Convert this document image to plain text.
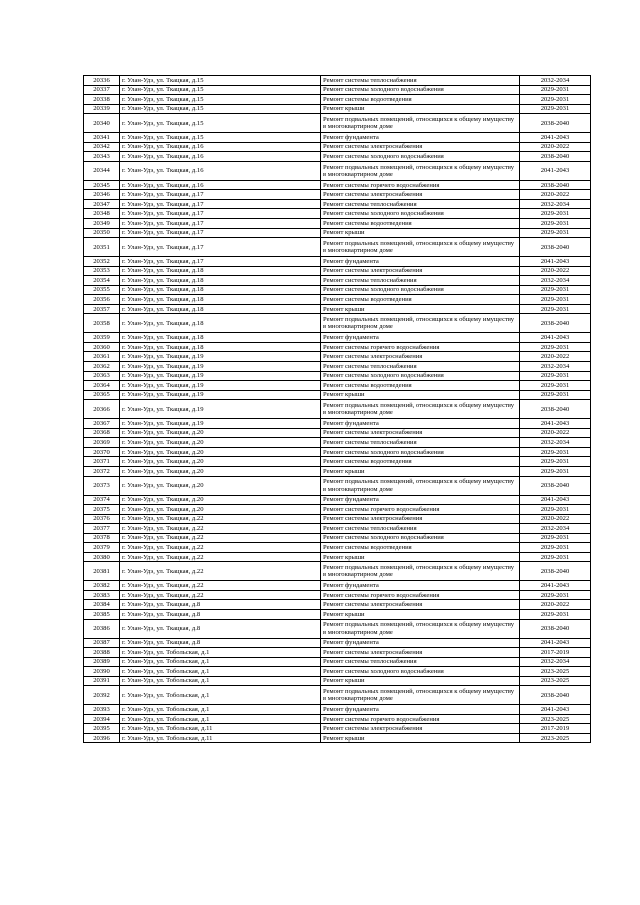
20336	г. Улан-Удэ, ул. Ткацкая, д.15	Ремонт системы теплоснабжения	2032-2034
20337	г. Улан-Удэ, ул. Ткацкая, д.15	Ремонт системы холодного водоснабжения	2029-2031
20338	г. Улан-Удэ, ул. Ткацкая, д.15	Ремонт системы водоотведения	2029-2031
20339	г. Улан-Удэ, ул. Ткацкая, д.15	Ремонт крыши	2029-2031
20340	г. Улан-Удэ, ул. Ткацкая, д.15	Ремонт подвальных помещений, относящихся к общему имуществу в многоквартирном доме	2038-2040
20341	г. Улан-Удэ, ул. Ткацкая, д.15	Ремонт фундамента	2041-2043
20342	г. Улан-Удэ, ул. Ткацкая, д.16	Ремонт системы электроснабжения	2020-2022
20343	г. Улан-Удэ, ул. Ткацкая, д.16	Ремонт системы холодного водоснабжения	2038-2040
20344	г. Улан-Удэ, ул. Ткацкая, д.16	Ремонт подвальных помещений, относящихся к общему имуществу в многоквартирном доме	2041-2043
20345	г. Улан-Удэ, ул. Ткацкая, д.16	Ремонт системы горячего водоснабжения	2038-2040
20346	г. Улан-Удэ, ул. Ткацкая, д.17	Ремонт системы электроснабжения	2020-2022
20347	г. Улан-Удэ, ул. Ткацкая, д.17	Ремонт системы теплоснабжения	2032-2034
20348	г. Улан-Удэ, ул. Ткацкая, д.17	Ремонт системы холодного водоснабжения	2029-2031
20349	г. Улан-Удэ, ул. Ткацкая, д.17	Ремонт системы водоотведения	2029-2031
20350	г. Улан-Удэ, ул. Ткацкая, д.17	Ремонт крыши	2029-2031
20351	г. Улан-Удэ, ул. Ткацкая, д.17	Ремонт подвальных помещений, относящихся к общему имуществу в многоквартирном доме	2038-2040
20352	г. Улан-Удэ, ул. Ткацкая, д.17	Ремонт фундамента	2041-2043
20353	г. Улан-Удэ, ул. Ткацкая, д.18	Ремонт системы электроснабжения	2020-2022
20354	г. Улан-Удэ, ул. Ткацкая, д.18	Ремонт системы теплоснабжения	2032-2034
20355	г. Улан-Удэ, ул. Ткацкая, д.18	Ремонт системы холодного водоснабжения	2029-2031
20356	г. Улан-Удэ, ул. Ткацкая, д.18	Ремонт системы водоотведения	2029-2031
20357	г. Улан-Удэ, ул. Ткацкая, д.18	Ремонт крыши	2029-2031
20358	г. Улан-Удэ, ул. Ткацкая, д.18	Ремонт подвальных помещений, относящихся к общему имуществу в многоквартирном доме	2038-2040
20359	г. Улан-Удэ, ул. Ткацкая, д.18	Ремонт фундамента	2041-2043
20360	г. Улан-Удэ, ул. Ткацкая, д.18	Ремонт системы горячего водоснабжения	2029-2031
20361	г. Улан-Удэ, ул. Ткацкая, д.19	Ремонт системы электроснабжения	2020-2022
20362	г. Улан-Удэ, ул. Ткацкая, д.19	Ремонт системы теплоснабжения	2032-2034
20363	г. Улан-Удэ, ул. Ткацкая, д.19	Ремонт системы холодного водоснабжения	2029-2031
20364	г. Улан-Удэ, ул. Ткацкая, д.19	Ремонт системы водоотведения	2029-2031
20365	г. Улан-Удэ, ул. Ткацкая, д.19	Ремонт крыши	2029-2031
20366	г. Улан-Удэ, ул. Ткацкая, д.19	Ремонт подвальных помещений, относящихся к общему имуществу в многоквартирном доме	2038-2040
20367	г. Улан-Удэ, ул. Ткацкая, д.19	Ремонт фундамента	2041-2043
20368	г. Улан-Удэ, ул. Ткацкая, д.20	Ремонт системы электроснабжения	2020-2022
20369	г. Улан-Удэ, ул. Ткацкая, д.20	Ремонт системы теплоснабжения	2032-2034
20370	г. Улан-Удэ, ул. Ткацкая, д.20	Ремонт системы холодного водоснабжения	2029-2031
20371	г. Улан-Удэ, ул. Ткацкая, д.20	Ремонт системы водоотведения	2029-2031
20372	г. Улан-Удэ, ул. Ткацкая, д.20	Ремонт крыши	2029-2031
20373	г. Улан-Удэ, ул. Ткацкая, д.20	Ремонт подвальных помещений, относящихся к общему имуществу в многоквартирном доме	2038-2040
20374	г. Улан-Удэ, ул. Ткацкая, д.20	Ремонт фундамента	2041-2043
20375	г. Улан-Удэ, ул. Ткацкая, д.20	Ремонт системы горячего водоснабжения	2029-2031
20376	г. Улан-Удэ, ул. Ткацкая, д.22	Ремонт системы электроснабжения	2020-2022
20377	г. Улан-Удэ, ул. Ткацкая, д.22	Ремонт системы теплоснабжения	2032-2034
20378	г. Улан-Удэ, ул. Ткацкая, д.22	Ремонт системы холодного водоснабжения	2029-2031
20379	г. Улан-Удэ, ул. Ткацкая, д.22	Ремонт системы водоотведения	2029-2031
20380	г. Улан-Удэ, ул. Ткацкая, д.22	Ремонт крыши	2029-2031
20381	г. Улан-Удэ, ул. Ткацкая, д.22	Ремонт подвальных помещений, относящихся к общему имуществу в многоквартирном доме	2038-2040
20382	г. Улан-Удэ, ул. Ткацкая, д.22	Ремонт фундамента	2041-2043
20383	г. Улан-Удэ, ул. Ткацкая, д.22	Ремонт системы горячего водоснабжения	2029-2031
20384	г. Улан-Удэ, ул. Ткацкая, д.8	Ремонт системы электроснабжения	2020-2022
20385	г. Улан-Удэ, ул. Ткацкая, д.8	Ремонт крыши	2029-2031
20386	г. Улан-Удэ, ул. Ткацкая, д.8	Ремонт подвальных помещений, относящихся к общему имуществу в многоквартирном доме	2038-2040
20387	г. Улан-Удэ, ул. Ткацкая, д.8	Ремонт фундамента	2041-2043
20388	г. Улан-Удэ, ул. Тобольская, д.1	Ремонт системы электроснабжения	2017-2019
20389	г. Улан-Удэ, ул. Тобольская, д.1	Ремонт системы теплоснабжения	2032-2034
20390	г. Улан-Удэ, ул. Тобольская, д.1	Ремонт системы холодного водоснабжения	2023-2025
20391	г. Улан-Удэ, ул. Тобольская, д.1	Ремонт крыши	2023-2025
20392	г. Улан-Удэ, ул. Тобольская, д.1	Ремонт подвальных помещений, относящихся к общему имуществу в многоквартирном доме	2038-2040
20393	г. Улан-Удэ, ул. Тобольская, д.1	Ремонт фундамента	2041-2043
20394	г. Улан-Удэ, ул. Тобольская, д.1	Ремонт системы горячего водоснабжения	2023-2025
20395	г. Улан-Удэ, ул. Тобольская, д.11	Ремонт системы электроснабжения	2017-2019
20396	г. Улан-Удэ, ул. Тобольская, д.11	Ремонт крыши	2023-2025
